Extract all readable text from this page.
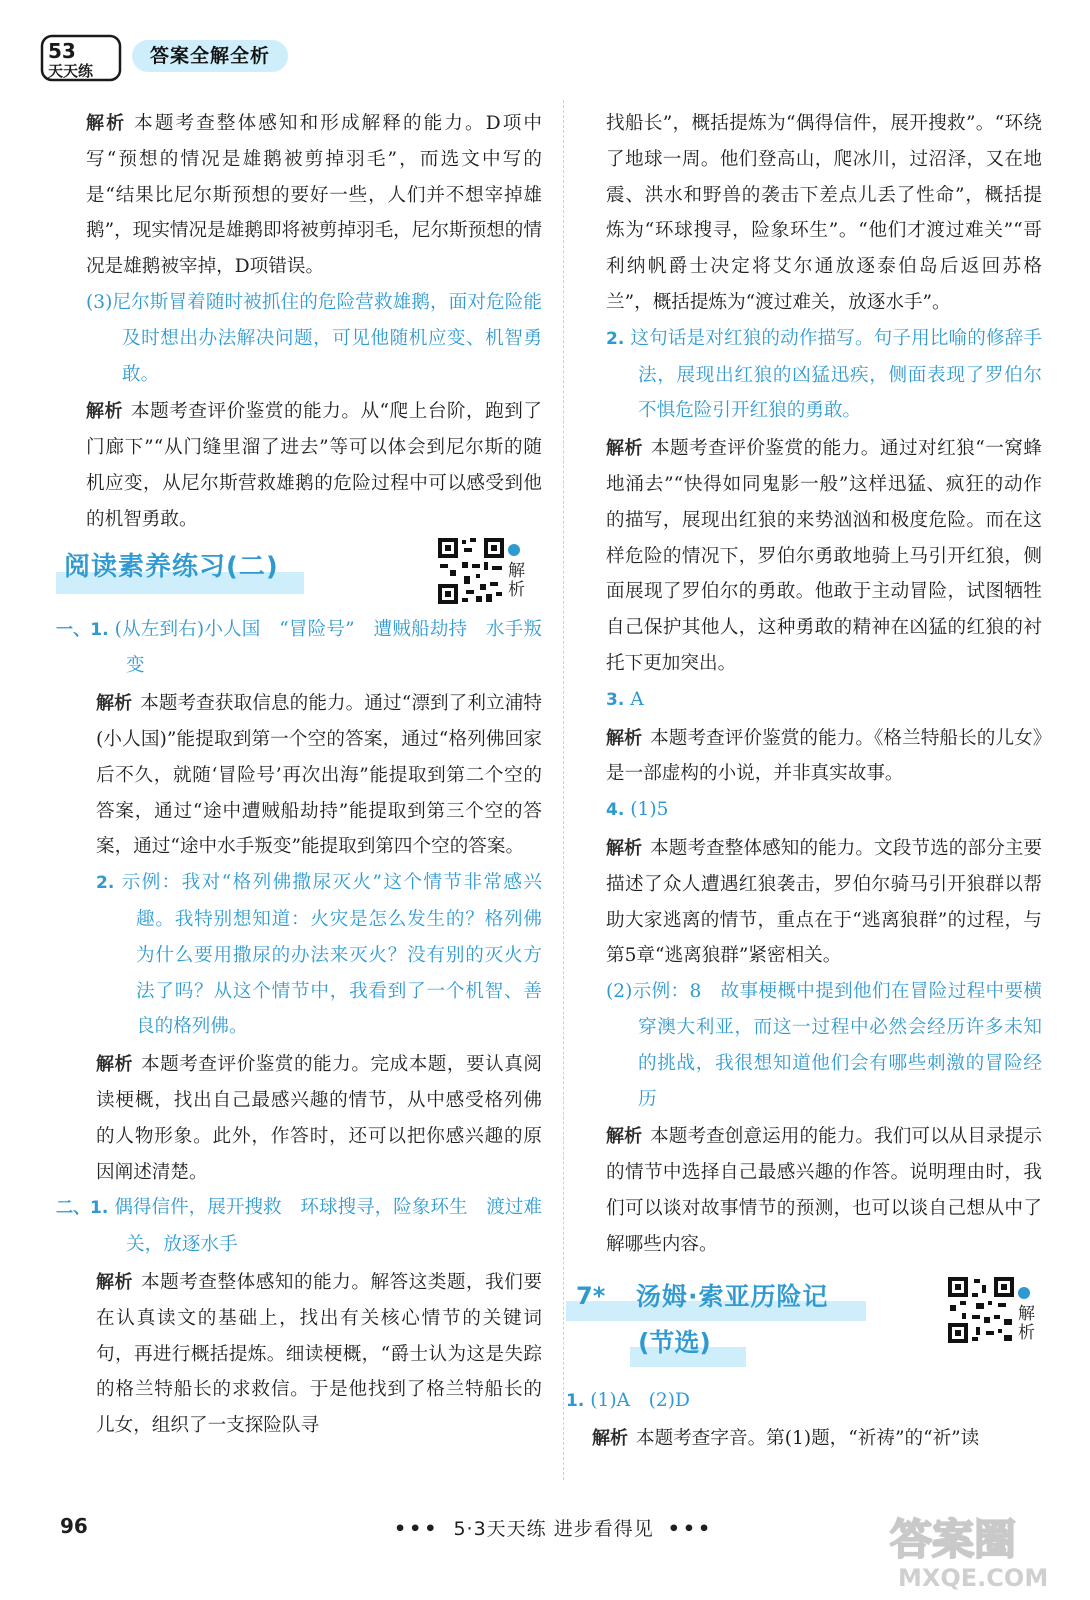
53
天天练
答案全解全析

解析 本题考查整体感知和形成解释的能力。D项中写“预想的情况是雄鹅被剪掉羽毛”，而选文中写的是“结果比尼尔斯预想的要好一些，人们并不想宰掉雄鹅”，现实情况是雄鹅即将被剪掉羽毛，尼尔斯预想的情况是雄鹅被宰掉，D项错误。

(3)尼尔斯冒着随时被抓住的危险营救雄鹅，面对危险能及时想出办法解决问题，可见他随机应变、机智勇敢。

解析 本题考查评价鉴赏的能力。从“爬上台阶，跑到了门廊下”“从门缝里溜了进去”等可以体会到尼尔斯的随机应变，从尼尔斯营救雄鹅的危险过程中可以感受到他的机智勇敢。

阅读素养练习(二)	解析

一、1. (从左到右)小人国　“冒险号”　遭贼船劫持　水手叛变

解析 本题考查获取信息的能力。通过“漂到了利立浦特(小人国)”能提取到第一个空的答案，通过“格列佛回家后不久，就随‘冒险号’再次出海”能提取到第二个空的答案，通过“途中遭贼船劫持”能提取到第三个空的答案，通过“途中水手叛变”能提取到第四个空的答案。

2. 示例：我对“格列佛撒尿灭火”这个情节非常感兴趣。我特别想知道：火灾是怎么发生的？格列佛为什么要用撒尿的办法来灭火？没有别的灭火方法了吗？从这个情节中，我看到了一个机智、善良的格列佛。

解析 本题考查评价鉴赏的能力。完成本题，要认真阅读梗概，找出自己最感兴趣的情节，从中感受格列佛的人物形象。此外，作答时，还可以把你感兴趣的原因阐述清楚。

二、1. 偶得信件，展开搜救　环球搜寻，险象环生　渡过难关，放逐水手

解析 本题考查整体感知的能力。解答这类题，我们要在认真读文的基础上，找出有关核心情节的关键词句，再进行概括提炼。细读梗概，“爵士认为这是失踪的格兰特船长的求救信。于是他找到了格兰特船长的儿女，组织了一支探险队寻

找船长”，概括提炼为“偶得信件，展开搜救”。“环绕了地球一周。他们登高山，爬冰川，过沼泽，又在地震、洪水和野兽的袭击下差点儿丢了性命”，概括提炼为“环球搜寻，险象环生”。“他们才渡过难关”“哥利纳帆爵士决定将艾尔通放逐泰伯岛后返回苏格兰”，概括提炼为“渡过难关，放逐水手”。

2. 这句话是对红狼的动作描写。句子用比喻的修辞手法，展现出红狼的凶猛迅疾，侧面表现了罗伯尔不惧危险引开红狼的勇敢。

解析 本题考查评价鉴赏的能力。通过对红狼“一窝蜂地涌去”“快得如同鬼影一般”这样迅猛、疯狂的动作的描写，展现出红狼的来势汹汹和极度危险。而在这样危险的情况下，罗伯尔勇敢地骑上马引开红狼，侧面展现了罗伯尔的勇敢。他敢于主动冒险，试图牺牲自己保护其他人，这种勇敢的精神在凶猛的红狼的衬托下更加突出。

3. A

解析 本题考查评价鉴赏的能力。《格兰特船长的儿女》是一部虚构的小说，并非真实故事。

4. (1)5

解析 本题考查整体感知的能力。文段节选的部分主要描述了众人遭遇红狼袭击，罗伯尔骑马引开狼群以帮助大家逃离的情节，重点在于“逃离狼群”的过程，与第5章“逃离狼群”紧密相关。

(2)示例：8　故事梗概中提到他们在冒险过程中要横穿澳大利亚，而这一过程中必然会经历许多未知的挑战，我很想知道他们会有哪些刺激的冒险经历

解析 本题考查创意运用的能力。我们可以从目录提示的情节中选择自己最感兴趣的作答。说明理由时，我们可以谈对故事情节的预测，也可以谈自己想从中了解哪些内容。

7* 汤姆·索亚历险记
(节选)
解析

1. (1)A　(2)D

解析 本题考查字音。第(1)题，“祈祷”的“祈”读

96	••• 5·3天天练 进步看得见 •••	答案圈
MXQE.COM
